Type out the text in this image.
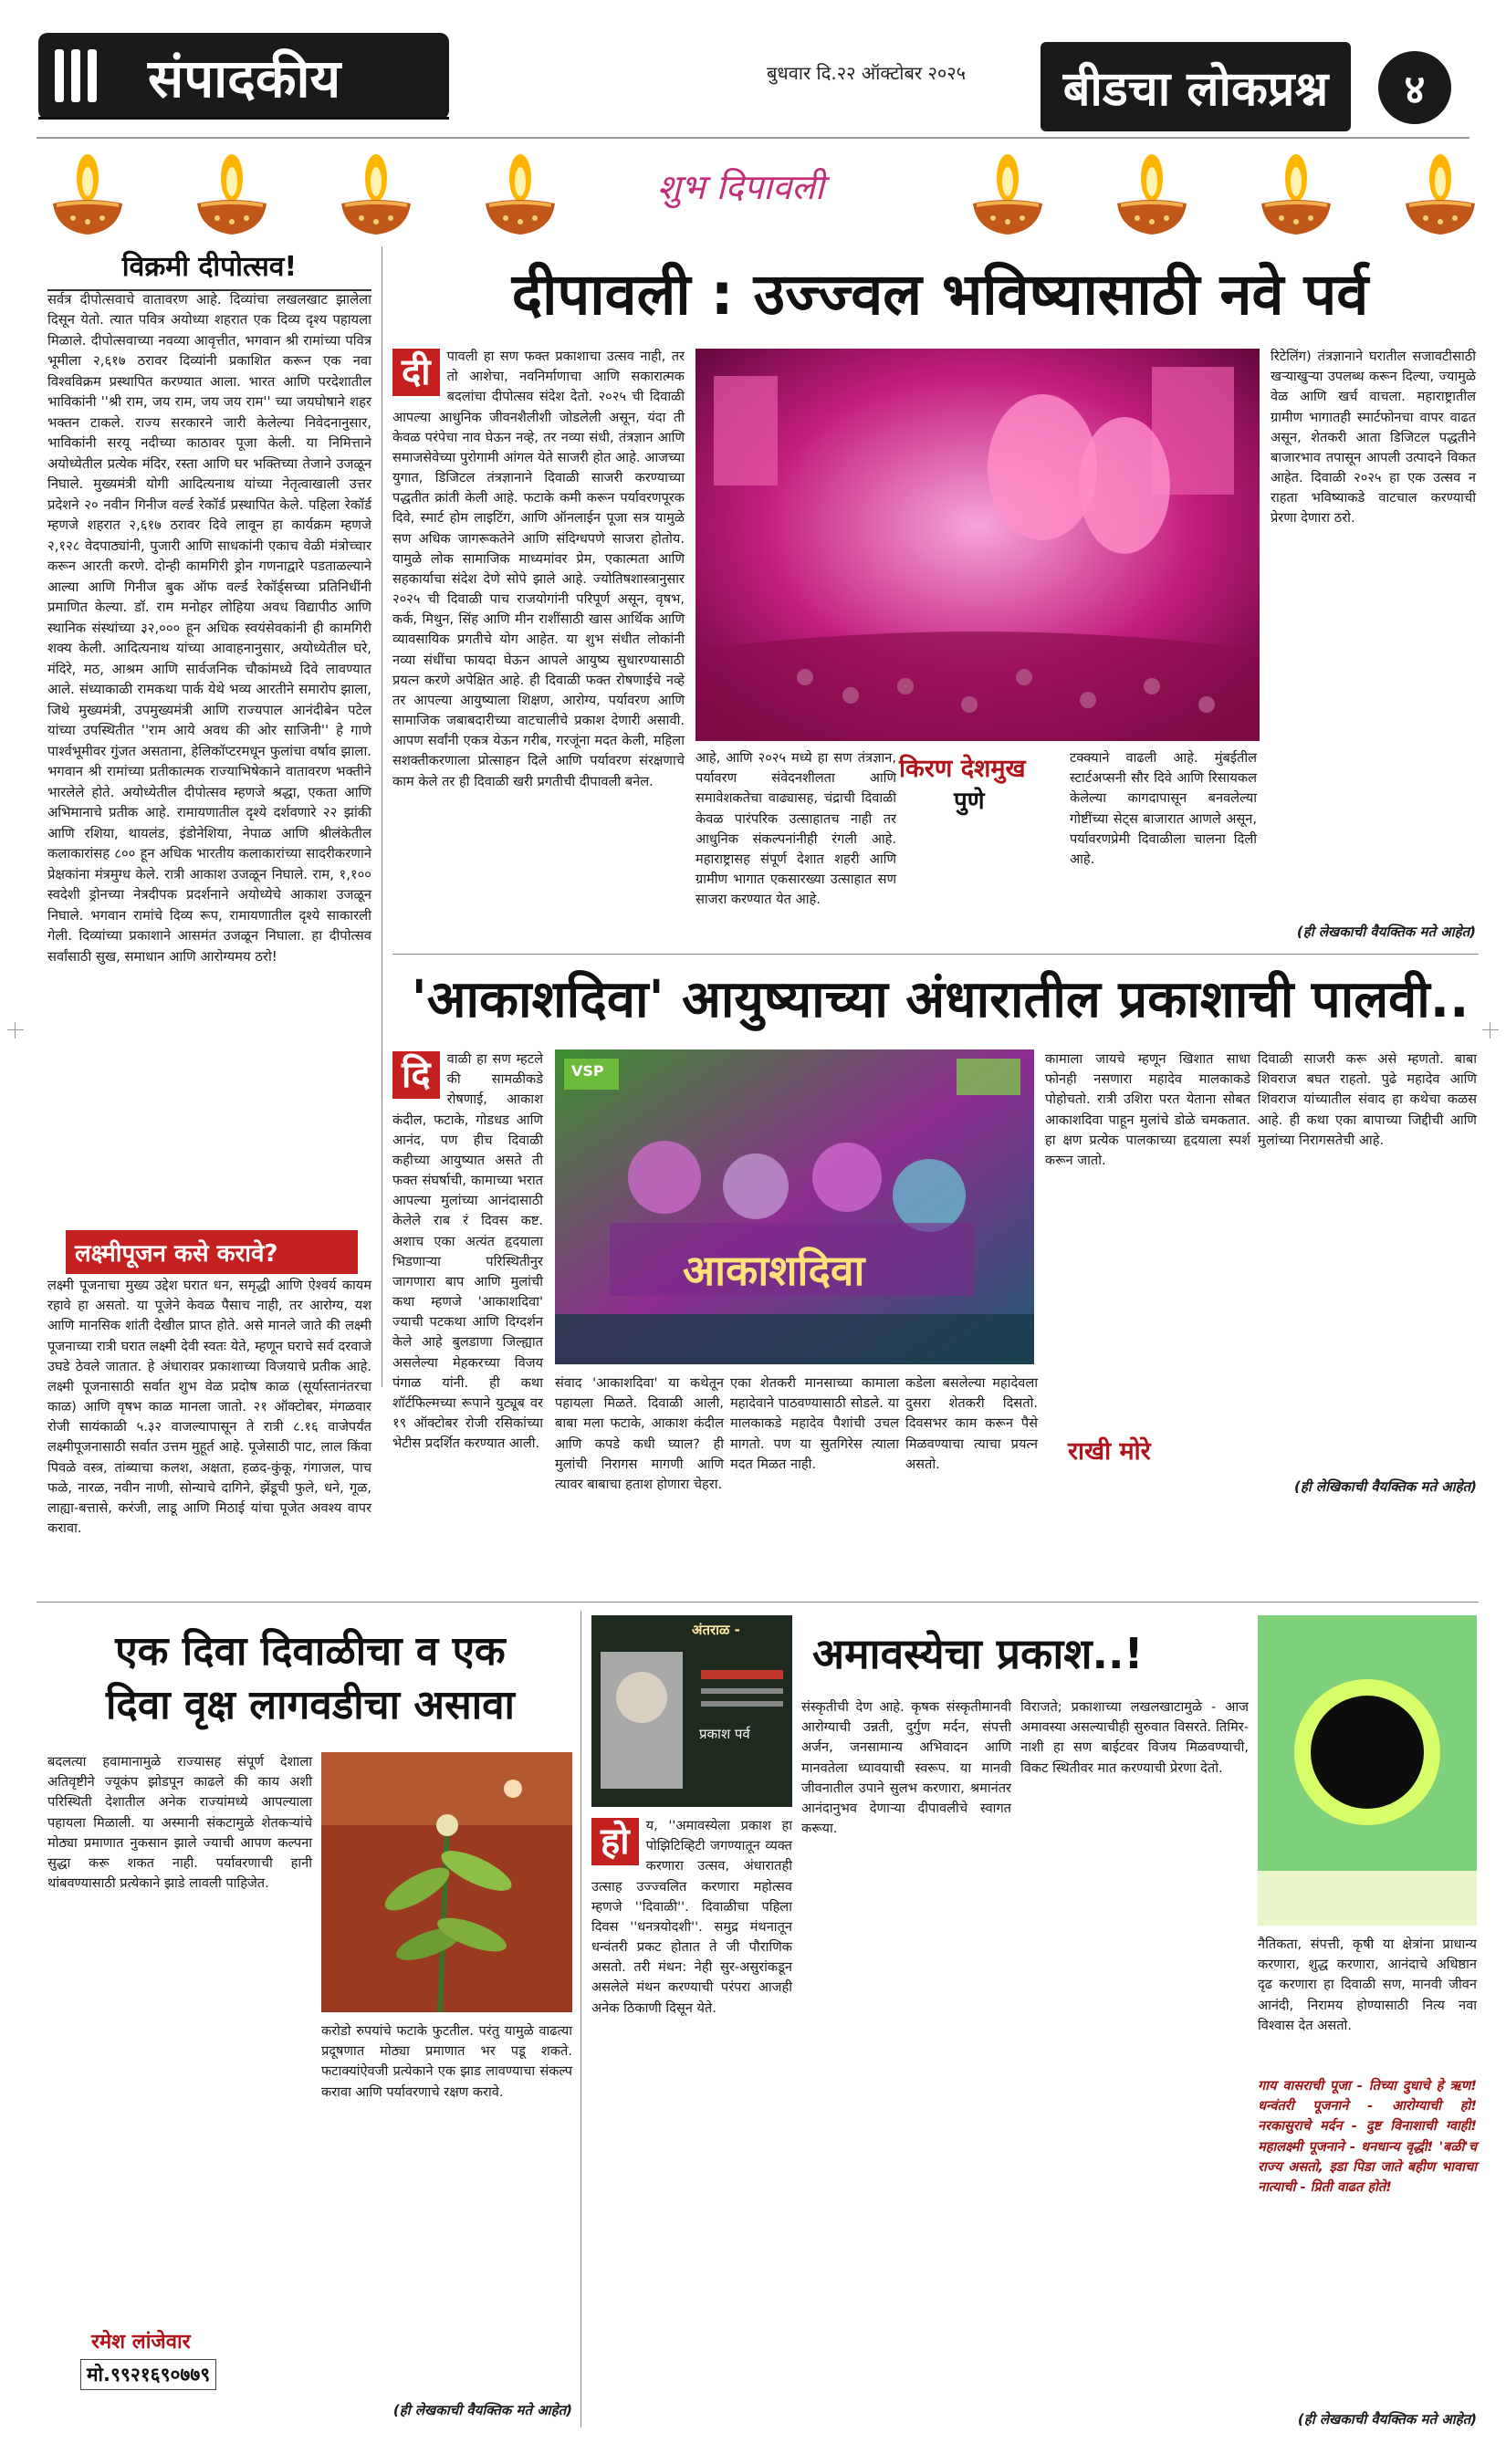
संपादकीय	बुधवार दि.२२ ऑक्टोबर २०२५	बीडचा लोकप्रश्न	४
शुभ दिपावली
विक्रमी दीपोत्सव!
सर्वत्र दीपोत्सवाचे वातावरण आहे. दिव्यांचा लखलखाट झालेला दिसून येतो. त्यात पवित्र अयोध्या शहरात एक दिव्य दृश्य पहायला मिळाले. दीपोत्सवाच्या नवव्या आवृत्तीत, भगवान श्री रामांच्या पवित्र भूमीला २,६१७ ठरावर दिव्यांनी प्रकाशित करून एक नवा विश्वविक्रम प्रस्थापित करण्यात आला. भारत आणि परदेशातील भाविकांनी ''श्री राम, जय राम, जय जय राम'' च्या जयघोषाने शहर भक्तन टाकले. राज्य सरकारने जारी केलेल्या निवेदनानुसार, भाविकांनी सरयू नदीच्या काठावर पूजा केली. या निमित्ताने अयोध्येतील प्रत्येक मंदिर, रस्ता आणि घर भक्तिच्या तेजाने उजळून निघाले. मुख्यमंत्री योगी आदित्यनाथ यांच्या नेतृत्वाखाली उत्तर प्रदेशने २० नवीन गिनीज वर्ल्ड रेकॉर्ड प्रस्थापित केले. पहिला रेकॉर्ड म्हणजे शहरात २,६१७ ठरावर दिवे लावून हा कार्यक्रम म्हणजे २,१२८ वेदपाठ्यांनी, पुजारी आणि साधकांनी एकाच वेळी मंत्रोच्चार करून आरती करणे. दोन्ही कामगिरी ड्रोन गणनाद्वारे पडताळल्याने आल्या आणि गिनीज बुक ऑफ वर्ल्ड रेकॉर्ड्सच्या प्रतिनिधींनी प्रमाणित केल्या. डॉ. राम मनोहर लोहिया अवध विद्यापीठ आणि स्थानिक संस्थांच्या ३२,००० हून अधिक स्वयंसेवकांनी ही कामगिरी शक्य केली. आदित्यनाथ यांच्या आवाहनानुसार, अयोध्येतील घरे, मंदिरे, मठ, आश्रम आणि सार्वजनिक चौकांमध्ये दिवे लावण्यात आले. संध्याकाळी रामकथा पार्क येथे भव्य आरतीने समारोप झाला, जिथे मुख्यमंत्री, उपमुख्यमंत्री आणि राज्यपाल आनंदीबेन पटेल यांच्या उपस्थितीत ''राम आये अवध की ओर साजिनी'' हे गाणे पार्श्वभूमीवर गुंजत असताना, हेलिकॉप्टरमधून फुलांचा वर्षाव झाला. भगवान श्री रामांच्या प्रतीकात्मक राज्याभिषेकाने वातावरण भक्तीने भारलेले होते. अयोध्येतील दीपोत्सव म्हणजे श्रद्धा, एकता आणि अभिमानाचे प्रतीक आहे. रामायणातील दृश्ये दर्शवणारे २२ झांकी आणि रशिया, थायलंड, इंडोनेशिया, नेपाळ आणि श्रीलंकेतील कलाकारांसह ८०० हून अधिक भारतीय कलाकारांच्या सादरीकरणाने प्रेक्षकांना मंत्रमुग्ध केले. रात्री आकाश उजळून निघाले. राम, १,१०० स्वदेशी ड्रोनच्या नेत्रदीपक प्रदर्शनाने अयोध्येचे आकाश उजळून निघाले. भगवान रामांचे दिव्य रूप, रामायणातील दृश्ये साकारली गेली. दिव्यांच्या प्रकाशाने आसमंत उजळून निघाला. हा दीपोत्सव सर्वांसाठी सुख, समाधान आणि आरोग्यमय ठरो!
लक्ष्मीपूजन कसे करावे?
लक्ष्मी पूजनाचा मुख्य उद्देश घरात धन, समृद्धी आणि ऐश्वर्य कायम रहावे हा असतो. या पूजेने केवळ पैसाच नाही, तर आरोग्य, यश आणि मानसिक शांती देखील प्राप्त होते. असे मानले जाते की लक्ष्मी पूजनाच्या रात्री घरात लक्ष्मी देवी स्वतः येते, म्हणून घराचे सर्व दरवाजे उघडे ठेवले जातात. हे अंधारावर प्रकाशाच्या विजयाचे प्रतीक आहे. लक्ष्मी पूजनासाठी सर्वात शुभ वेळ प्रदोष काळ (सूर्यास्तानंतरचा काळ) आणि वृषभ काळ मानला जातो. २१ ऑक्टोबर, मंगळवार रोजी सायंकाळी ५.३२ वाजल्यापासून ते रात्री ८.१६ वाजेपर्यंत लक्ष्मीपूजनासाठी सर्वात उत्तम मुहूर्त आहे. पूजेसाठी पाट, लाल किंवा पिवळे वस्त्र, तांब्याचा कलश, अक्षता, हळद-कुंकू, गंगाजल, पाच फळे, नारळ, नवीन नाणी, सोन्याचे दागिने, झेंडूची फुले, धने, गूळ, लाह्या-बत्तासे, करंजी, लाडू आणि मिठाई यांचा पूजेत अवश्य वापर करावा.
दीपावली : उज्ज्वल भविष्यासाठी नवे पर्व
दी	पावली हा सण फक्त प्रकाशाचा उत्सव नाही, तर तो आशेचा, नवनिर्माणाचा आणि सकारात्मक बदलांचा दीपोत्सव संदेश देतो. २०२५ ची दिवाळी आपल्या आधुनिक जीवनशैलीशी जोडलेली असून, यंदा ती केवळ परंपेचा नाव घेऊन नव्हे, तर नव्या संधी, तंत्रज्ञान आणि समाजसेवेच्या पुरोगामी आंगल येते साजरी होत आहे. आजच्या युगात, डिजिटल तंत्रज्ञानाने दिवाळी साजरी करण्याच्या पद्धतीत क्रांती केली आहे. फटाके कमी करून पर्यावरणपूरक दिवे, स्मार्ट होम लाइटिंग, आणि ऑनलाईन पूजा सत्र यामुळे सण अधिक जागरूकतेने आणि संदिग्धपणे साजरा होतोय. यामुळे लोक सामाजिक माध्यमांवर प्रेम, एकात्मता आणि सहकार्याचा संदेश देणे सोपे झाले आहे. ज्योतिषशास्त्रानुसार २०२५ ची दिवाळी पाच राजयोगांनी परिपूर्ण असून, वृषभ, कर्क, मिथुन, सिंह आणि मीन राशींसाठी खास आर्थिक आणि व्यावसायिक प्रगतीचे योग आहेत. या शुभ संधीत लोकांनी नव्या संधींचा फायदा घेऊन आपले आयुष्य सुधारण्यासाठी प्रयत्न करणे अपेक्षित आहे. ही दिवाळी फक्त रोषणाईचे नव्हे तर आपल्या आयुष्याला शिक्षण, आरोग्य, पर्यावरण आणि सामाजिक जबाबदारीच्या वाटचालीचे प्रकाश देणारी असावी. आपण सर्वांनी एकत्र येऊन गरीब, गरजूंना मदत केली, महिला सशक्तीकरणाला प्रोत्साहन दिले आणि पर्यावरण संरक्षणाचे काम केले तर ही दिवाळी खरी प्रगतीची दीपावली बनेल.
रिटेलिंग) तंत्रज्ञानाने घरातील सजावटीसाठी खऱ्याखुऱ्या उपलब्ध करून दिल्या, ज्यामुळे वेळ आणि खर्च वाचला. महाराष्ट्रातील ग्रामीण भागातही स्मार्टफोनचा वापर वाढत असून, शेतकरी आता डिजिटल पद्धतीने बाजारभाव तपासून आपली उत्पादने विकत आहेत. दिवाळी २०२५ हा एक उत्सव न राहता भविष्याकडे वाटचाल करण्याची प्रेरणा देणारा ठरो.
आहे, आणि २०२५ मध्ये हा सण तंत्रज्ञान, पर्यावरण संवेदनशीलता आणि समावेशकतेचा वाढ्यासह, चंद्राची दिवाळी केवळ पारंपरिक उत्साहातच नाही तर आधुनिक संकल्पनांनीही रंगली आहे. महाराष्ट्रासह संपूर्ण देशात शहरी आणि ग्रामीण भागात एकसारख्या उत्साहात सण साजरा करण्यात येत आहे.
किरण देशमुख
पुणे
टक्क्याने वाढली आहे. मुंबईतील स्टार्टअप्सनी सौर दिवे आणि रिसायकल केलेल्या कागदापासून बनवलेल्या गोष्टींच्या सेट्स बाजारात आणले असून, पर्यावरणप्रेमी दिवाळीला चालना दिली आहे.
(ही लेखकाची वैयक्तिक मते आहेत)
'आकाशदिवा' आयुष्याच्या अंधारातील प्रकाशाची पालवी..
दि	वाळी हा सण म्हटले की सामळीकडे रोषणाई, आकाश कंदील, फटाके, गोडधड आणि आनंद, पण हीच दिवाळी कहीच्या आयुष्यात असते ती फक्त संघर्षाची, कामाच्या भरात आपल्या मुलांच्या आनंदासाठी केलेले राब रं दिवस कष्ट. अशाच एका अत्यंत हृदयाला भिडणाऱ्या परिस्थितीनुर जागणारा बाप आणि मुलांची कथा म्हणजे 'आकाशदिवा' ज्याची पटकथा आणि दिग्दर्शन केले आहे बुलडाणा जिल्ह्यात असलेल्या मेहकरच्या विजय पंगाळ यांनी. ही कथा शॉर्टफिल्मच्या रूपाने युट्यूब वर १९ ऑक्टोबर रोजी रसिकांच्या भेटीस प्रदर्शित करण्यात आली.
VSP
आकाशदिवा
कामाला जायचे म्हणून खिशात साधा फोनही नसणारा महादेव मालकाकडे पोहोचतो. रात्री उशिरा परत येताना सोबत आकाशदिवा पाहून मुलांचे डोळे चमकतात. हा क्षण प्रत्येक पालकाच्या हृदयाला स्पर्श करून जातो.
दिवाळी साजरी करू असे म्हणतो. बाबा शिवराज बघत राहतो. पुढे महादेव आणि शिवराज यांच्यातील संवाद हा कथेचा कळस आहे. ही कथा एका बापाच्या जिद्दीची आणि मुलांच्या निरागसतेची आहे.
(ही लेखिकाची वैयक्तिक मते आहेत)
संवाद 'आकाशदिवा' या कथेतून पहायला मिळते. दिवाळी आली, बाबा मला फटाके, आकाश कंदील आणि कपडे कधी घ्याल? ही मुलांची निरागस मागणी आणि त्यावर बाबाचा हताश होणारा चेहरा.
एका शेतकरी मानसाच्या कामाला महादेवाने पाठवण्यासाठी सोडले. या मालकाकडे महादेव पैशांची उचल मागतो. पण या सुतगिरेस त्याला मदत मिळत नाही.
कडेला बसलेल्या महादेवला दुसरा शेतकरी दिसतो. दिवसभर काम करून पैसे मिळवण्याचा त्याचा प्रयत्न असतो.	राखी मोरे
एक दिवा दिवाळीचा व एक
दिवा वृक्ष लागवडीचा असावा
बदलत्या हवामानामुळे राज्यासह संपूर्ण देशाला अतिवृष्टीने ज्यूकंप झोडपून काढले की काय अशी परिस्थिती देशातील अनेक राज्यांमध्ये आपल्याला पहायला मिळाली. या अस्मानी संकटामुळे शेतकऱ्यांचे मोठ्या प्रमाणात नुकसान झाले ज्याची आपण कल्पना सुद्धा करू शकत नाही. पर्यावरणाची हानी थांबवण्यासाठी प्रत्येकाने झाडे लावली पाहिजेत.
करोडो रुपयांचे फटाके फुटतील. परंतु यामुळे वाढत्या प्रदूषणात मोठ्या प्रमाणात भर पडू शकते. फटाक्यांऐवजी प्रत्येकाने एक झाड लावण्याचा संकल्प करावा आणि पर्यावरणाचे रक्षण करावे.
रमेश लांजेवार
मो.९९२१६९०७७९
(ही लेखकाची वैयक्तिक मते आहेत)
अंतराळ -
प्रकाश पर्व
अमावस्येचा प्रकाश..!
हो	य, ''अमावस्येला प्रकाश हा पोझिटिव्हिटी जगण्यातून व्यक्त करणारा उत्सव, अंधारातही उत्साह उज्ज्वलित करणारा महोत्सव म्हणजे ''दिवाळी''. दिवाळीचा पहिला दिवस ''धनत्रयोदशी''. समुद्र मंथनातून धन्वंतरी प्रकट होतात ते जी पौराणिक असतो. तरी मंथन: नेही सुर-असुरांकडून असलेले मंथन करण्याची परंपरा आजही अनेक ठिकाणी दिसून येते.
संस्कृतीची देण आहे. कृषक संस्कृतीमानवी आरोग्याची उन्नती, दुर्गुण मर्दन, संपत्ती अर्जन, जनसामान्य अभिवादन आणि मानवतेला ध्यावयाची स्वरूप. या मानवी जीवनातील उपाने सुलभ करणारा, श्रमानंतर आनंदानुभव देणाऱ्या दीपावलीचे स्वागत करूया.
विराजते; प्रकाशाच्या लखलखाटामुळे - आज अमावस्या असल्याचीही सुरुवात विसरते. तिमिर-नाशी हा सण बाईटवर विजय मिळवण्याची, विकट स्थितीवर मात करण्याची प्रेरणा देतो.
नैतिकता, संपत्ती, कृषी या क्षेत्रांना प्राधान्य करणारा, शुद्ध करणारा, आनंदाचे अधिष्ठान दृढ करणारा हा दिवाळी सण, मानवी जीवन आनंदी, निरामय होण्यासाठी नित्य नवा विश्वास देत असतो.
गाय वासराची पूजा - तिच्या दुधाचे हे ऋण! धन्वंतरी पूजनाने - आरोग्याची हो! नरकासुराचे मर्दन - दुष्ट विनाशाची ग्वाही! महालक्ष्मी पूजनाने - धनधान्य वृद्धी! 'बळी'च राज्य असतो, इडा पिडा जाते बहीण भावाचा नात्याची - प्रिती वाढत होते!
(ही लेखकाची वैयक्तिक मते आहेत)
